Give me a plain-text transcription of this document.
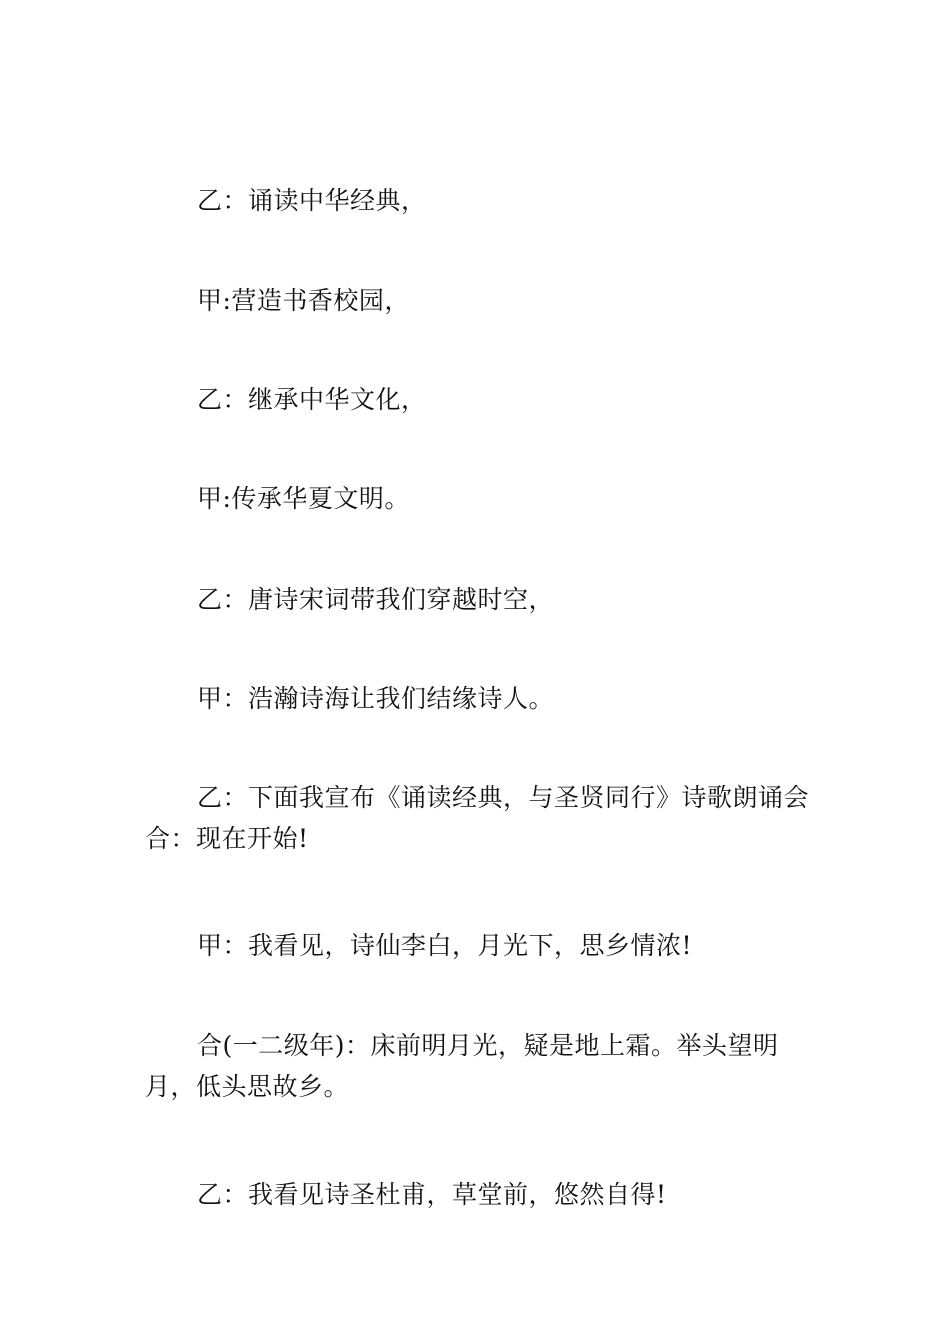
乙：诵读中华经典，

甲:营造书香校园，

乙：继承中华文化，

甲:传承华夏文明。

乙：唐诗宋词带我们穿越时空，

甲：浩瀚诗海让我们结缘诗人。

乙：下面我宣布《诵读经典，与圣贤同行》诗歌朗诵会合：现在开始!

甲：我看见，诗仙李白，月光下，思乡情浓!

合(一二级年)：床前明月光，疑是地上霜。举头望明月，低头思故乡。

乙：我看见诗圣杜甫，草堂前，悠然自得!
